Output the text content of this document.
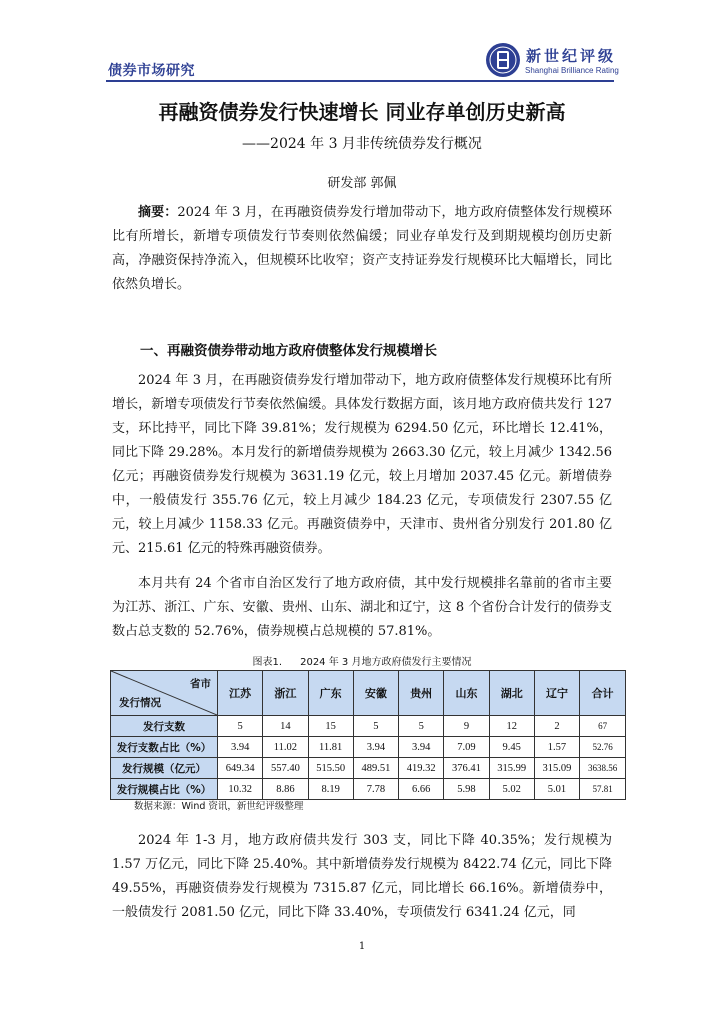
债券市场研究
新世纪评级
Shanghai Brilliance Rating
再融资债券发行快速增长 同业存单创历史新高
——2024 年 3 月非传统债券发行概况
研发部 郭佩

摘要：2024 年 3 月，在再融资债券发行增加带动下，地方政府债整体发行规模环比有所增长，新增专项债发行节奏则依然偏缓；同业存单发行及到期规模均创历史新高，净融资保持净流入，但规模环比收窄；资产支持证券发行规模环比大幅增长，同比依然负增长。

一、再融资债券带动地方政府债整体发行规模增长

2024 年 3 月，在再融资债券发行增加带动下，地方政府债整体发行规模环比有所增长，新增专项债发行节奏依然偏缓。具体发行数据方面，该月地方政府债共发行 127 支，环比持平，同比下降 39.81%；发行规模为 6294.50 亿元，环比增长 12.41%，同比下降 29.28%。本月发行的新增债券规模为 2663.30 亿元，较上月减少 1342.56 亿元；再融资债券发行规模为 3631.19 亿元，较上月增加 2037.45 亿元。新增债券中，一般债发行 355.76 亿元，较上月减少 184.23 亿元，专项债发行 2307.55 亿元，较上月减少 1158.33 亿元。再融资债券中，天津市、贵州省分别发行 201.80 亿元、215.61 亿元的特殊再融资债券。

本月共有 24 个省市自治区发行了地方政府债，其中发行规模排名靠前的省市主要为江苏、浙江、广东、安徽、贵州、山东、湖北和辽宁，这 8 个省份合计发行的债券支数占总支数的 52.76%，债券规模占总规模的 57.81%。

图表1. 2024 年 3 月地方政府债发行主要情况
省市
发行情况	江苏	浙江	广东	安徽	贵州	山东	湖北	辽宁	合计
发行支数	5	14	15	5	5	9	12	2	67
发行支数占比（%）	3.94	11.02	11.81	3.94	3.94	7.09	9.45	1.57	52.76
发行规模（亿元）	649.34	557.40	515.50	489.51	419.32	376.41	315.99	315.09	3638.56
发行规模占比（%）	10.32	8.86	8.19	7.78	6.66	5.98	5.02	5.01	57.81
数据来源：Wind 资讯，新世纪评级整理

2024 年 1-3 月，地方政府债共发行 303 支，同比下降 40.35%；发行规模为 1.57 万亿元，同比下降 25.40%。其中新增债券发行规模为 8422.74 亿元，同比下降 49.55%，再融资债券发行规模为 7315.87 亿元，同比增长 66.16%。新增债券中，一般债发行 2081.50 亿元，同比下降 33.40%，专项债发行 6341.24 亿元，同

1
